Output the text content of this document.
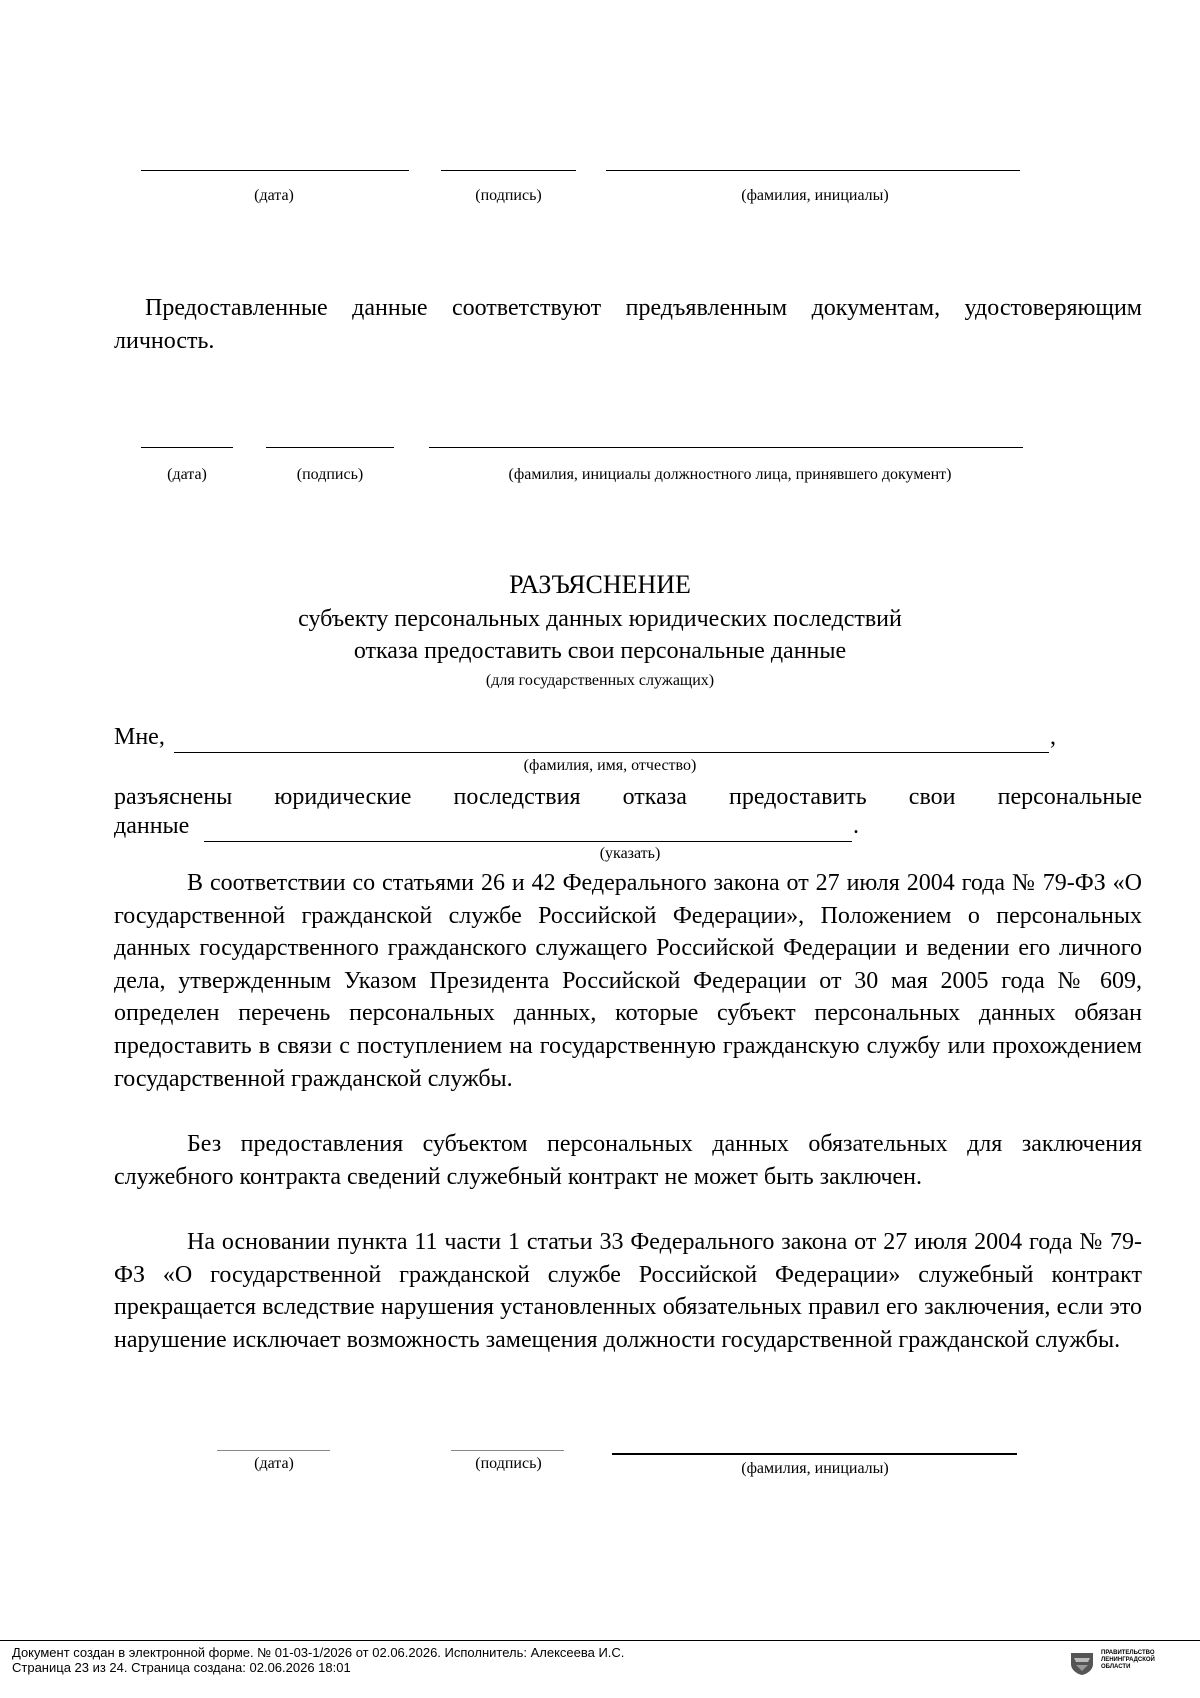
(дата)	(подпись)	(фамилия, инициалы)
Предоставленные данные соответствуют предъявленным документам, удостоверяющим личность.
(дата)	(подпись)	(фамилия, инициалы должностного лица, принявшего документ)
РАЗЪЯСНЕНИЕ
субъекту персональных данных юридических последствий
отказа предоставить свои персональные данные
(для государственных служащих)
Мне,	,
(фамилия, имя, отчество)
разъяснены юридические последствия отказа предоставить свои персональные
данные	.
(указать)
В соответствии со статьями 26 и 42 Федерального закона от 27 июля 2004 года № 79-ФЗ «О государственной гражданской службе Российской Федерации», Положением о персональных данных государственного гражданского служащего Российской Федерации и ведении его личного дела, утвержденным Указом Президента Российской Федерации от 30 мая 2005 года № 609, определен перечень персональных данных, которые субъект персональных данных обязан предоставить в связи с поступлением на государственную гражданскую службу или прохождением государственной гражданской службы.
Без предоставления субъектом персональных данных обязательных для заключения служебного контракта сведений служебный контракт не может быть заключен.
На основании пункта 11 части 1 статьи 33 Федерального закона от 27 июля 2004 года № 79-ФЗ «О государственной гражданской службе Российской Федерации» служебный контракт прекращается вследствие нарушения установленных обязательных правил его заключения, если это нарушение исключает возможность замещения должности государственной гражданской службы.
(дата)	(подпись)	(фамилия, инициалы)
Документ создан в электронной форме. № 01-03-1/2026 от 02.06.2026. Исполнитель: Алексеева И.С.
Страница 23 из 24. Страница создана: 02.06.2026 18:01
ПРАВИТЕЛЬСТВО ЛЕНИНГРАДСКОЙ ОБЛАСТИ
